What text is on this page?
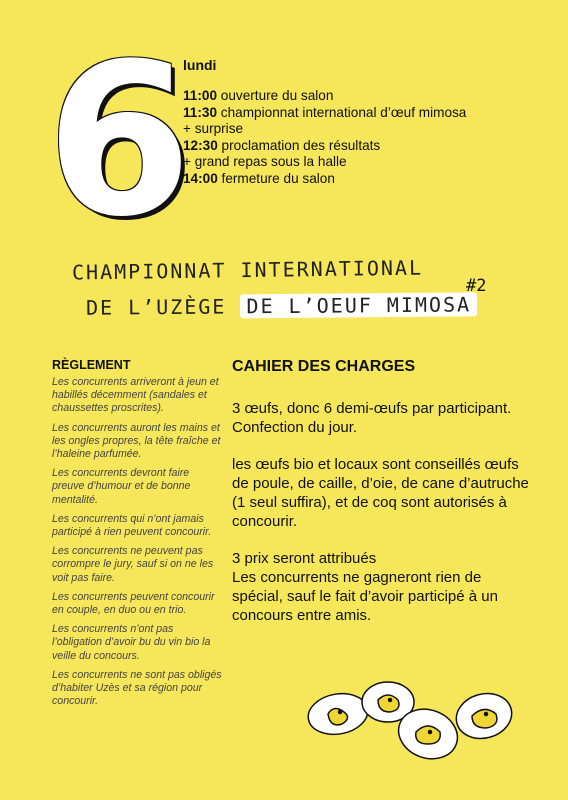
6
lundi
11:00 ouverture du salon
11:30 championnat international d’œuf mimosa
+ surprise
12:30 proclamation des résultats
+ grand repas sous la halle
14:00 fermeture du salon
CHAMPIONNAT INTERNATIONAL
DE L’UZÈGE DE L’OEUF MIMOSA
#2
RÈGLEMENT

Les concurrents arriveront à jeun et habillés décemment (sandales et chaussettes proscrites).

Les concurrents auront les mains et les ongles propres, la tête fraîche et l’haleine parfumée.

Les concurrents devront faire preuve d’humour et de bonne mentalité.

Les concurrents qui n’ont jamais participé à rien peuvent concourir.

Les concurrents ne peuvent pas corrompre le jury, sauf si on ne les voit pas faire.

Les concurrents peuvent concourir en couple, en duo ou en trio.

Les concurrents n’ont pas l’obligation d’avoir bu du vin bio la veille du concours.

Les concurrents ne sont pas obligés d’habiter Uzès et sa région pour concourir.

CAHIER DES CHARGES

3 œufs, donc 6 demi-œufs par participant. Confection du jour.

les œufs bio et locaux sont conseillés œufs de poule, de caille, d’oie, de cane d’autruche (1 seul suffira), et de coq sont autorisés à concourir.

3 prix seront attribués

Les concurrents ne gagneront rien de spécial, sauf le fait d’avoir participé à un concours entre amis.
